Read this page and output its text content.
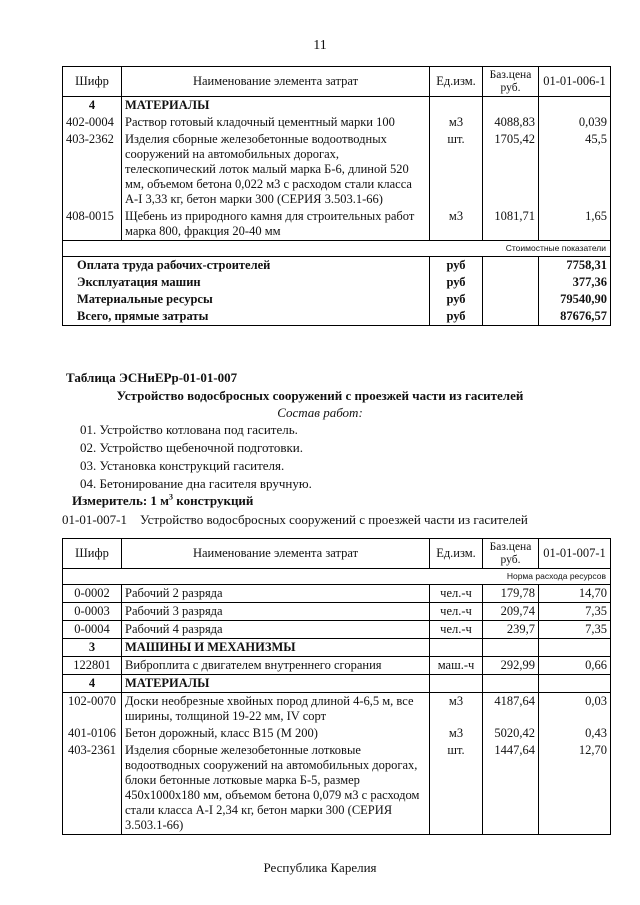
11
Шифр	Наименование элемента затрат	Ед.изм.	Баз.цена руб.	01-01-006-1
4	МАТЕРИАЛЫ			
402-0004	Раствор готовый кладочный цементный марки 100	м3	4088,83	0,039
403-2362	Изделия сборные железобетонные водоотводных сооружений на автомобильных дорогах, телескопический лоток малый марка Б-6, длиной 520 мм, объемом бетона 0,022 м3 с расходом стали класса А-I 3,33 кг, бетон марки 300 (СЕРИЯ 3.503.1-66)	шт.	1705,42	45,5
408-0015	Щебень из природного камня для строительных работ марка 800, фракция 20-40 мм	м3	1081,71	1,65
Стоимостные показатели				
Оплата труда рабочих-строителей		руб		7758,31
Эксплуатация машин		руб		377,36
Материальные ресурсы		руб		79540,90
Всего, прямые затраты		руб		87676,57
Таблица ЭСНиЕРр-01-01-007
Устройство водосбросных сооружений с проезжей части из гасителей
Состав работ:
01. Устройство котлована под гаситель.
02. Устройство щебеночной подготовки.
03. Установка конструкций гасителя.
04. Бетонирование дна гасителя вручную.
Измеритель: 1 $м^3$ конструкций
01-01-007-1    Устройство водосбросных сооружений с проезжей части из гасителей
Шифр	Наименование элемента затрат	Ед.изм.	Баз.цена руб.	01-01-007-1
Норма расхода ресурсов				
0-0002	Рабочий 2 разряда	чел.-ч	179,78	14,70
0-0003	Рабочий 3 разряда	чел.-ч	209,74	7,35
0-0004	Рабочий 4 разряда	чел.-ч	239,7	7,35
3	МАШИНЫ И МЕХАНИЗМЫ			
122801	Виброплита с двигателем внутреннего сгорания	маш.-ч	292,99	0,66
4	МАТЕРИАЛЫ			
102-0070	Доски необрезные хвойных пород длиной 4-6,5 м, все ширины, толщиной 19-22 мм, IV сорт	м3	4187,64	0,03
401-0106	Бетон дорожный, класс В15 (М 200)	м3	5020,42	0,43
403-2361	Изделия сборные железобетонные лотковые водоотводных сооружений на автомобильных дорогах, блоки бетонные лотковые марка Б-5, размер 450x1000x180 мм, объемом бетона 0,079 м3 с расходом стали класса А-I 2,34 кг, бетон марки 300 (СЕРИЯ 3.503.1-66)	шт.	1447,64	12,70
Республика Карелия
